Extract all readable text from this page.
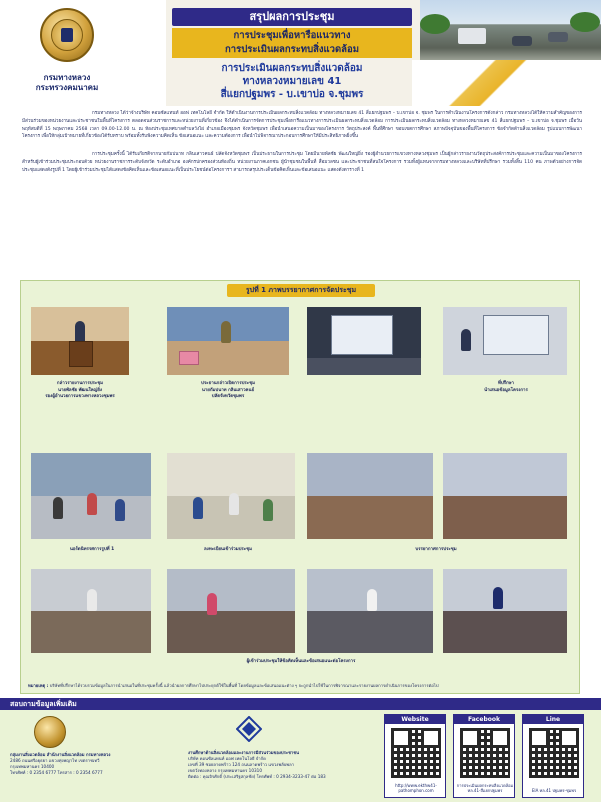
กรมทางหลวง
กระทรวงคมนาคม
สรุปผลการประชุม
การประชุมเพื่อหารือแนวทาง
การประเมินผลกระทบสิ่งแวดล้อม
การประเมินผลกระทบสิ่งแวดล้อม
ทางหลวงหมายเลข 41
สี่แยกปฐมพร - บ.เขาบ่อ จ.ชุมพร

กรมทางหลวง ได้ว่าจ้างบริษัท คอนซัลแทนท์ ออฟ เทคโนโลยี จำกัด ให้ดำเนินงานการประเมินผลกระทบสิ่งแวดล้อม ทางหลวงหมายเลข 41 สี่แยกปฐมพร – บ.เขาบ่อ จ. ชุมพร ในการดำเนินงานโครงการดังกล่าว กรมทางหลวงได้ให้ความสำคัญของการมีส่วนร่วมของหน่วยงานและประชาชนในพื้นที่โครงการ ตลอดจนส่วนราชการและหน่วยงานที่เกี่ยวข้อง จึงได้ดำเนินการจัดการประชุมเพื่อหารือแนวทางการประเมินผลกระทบสิ่งแวดล้อม การประเมินผลกระทบสิ่งแวดล้อม ทางหลวงหมายเลข 41 สี่แยกปฐมพร – บ.เขาบ่อ จ.ชุมพร เมื่อวันพฤหัสบดีที่ 15 พฤษภาคม 2568 เวลา 09.00-12.00 น. ณ ห้องประชุมเทศบาลตำบลวังไผ่ อำเภอเมืองชุมพร จังหวัดชุมพร เพื่อนำเสนอความเป็นมาของโครงการ วัตถุประสงค์ พื้นที่ศึกษา ขอบเขตการศึกษา สภาพปัจจุบันของพื้นที่โครงการ ข้อจำกัดด้านสิ่งแวดล้อม รูปแบบการพัฒนาโครงการ เพื่อให้กลุ่มเป้าหมายที่เกี่ยวข้องได้รับทราบ พร้อมทั้งรับฟังความคิดเห็น ข้อเสนอแนะ และความต้องการ เพื่อนำไปพิจารณาประกอบการศึกษาให้มีประสิทธิภาพยิ่งขึ้น

การประชุมครั้งนี้ ได้รับเกียรติจากนายกัมปนาท กลินเสาวคนธ์ ปลัดจังหวัดชุมพร เป็นประธานในการประชุม โดยมีนายพัลชัย พัฒนใหญ่ยิ่ง รองผู้อำนวยการแขวงทางหลวงชุมพร เป็นผู้กล่าวรายงานวัตถุประสงค์การประชุมและความเป็นมาของโครงการ สำหรับผู้เข้าร่วมประชุมประกอบด้วย หน่วยงานราชการระดับจังหวัด ระดับอำเภอ องค์กรปกครองส่วนท้องถิ่น หน่วยงานภาคเอกชน ผู้นำชุมชนในพื้นที่ สื่อมวลชน และประชาชนที่สนใจโครงการ รวมทั้งผู้แทนจากกรมทางหลวงและบริษัทที่ปรึกษา รวมทั้งสิ้น 110 คน ภาพตัวอย่างการจัดประชุมแสดงดังรูปที่ 1 โดยผู้เข้าร่วมประชุมได้แสดงข้อคิดเห็นและข้อเสนอแนะที่เป็นประโยชน์ต่อโครงการฯ สามารถสรุปประเด็นข้อคิดเห็นและข้อเสนอแนะ แสดงดังตารางที่ 1

รูปที่ 1 ภาพบรรยากาศการจัดประชุม
กล่าวรายงานการประชุม
นายพัลชัย พัฒนใหญ่ยิ่ง
รองผู้อำนวยการแขวงทางหลวงชุมพร
ประธานกล่าวเปิดการประชุม
นายกัมปนาท กลินเสาวคนธ์
ปลัดจังหวัดชุมพร
ที่ปรึกษา
นำเสนอข้อมูลโครงการ
นอร์ดนิทรรศการรูปที่ 1	ลงทะเบียนเข้าร่วมประชุม	บรรยากาศการประชุม
ผู้เข้าร่วมประชุมให้ข้อคิดเห็นและข้อเสนอแนะต่อโครงการ
หมายเหตุ : บริษัทที่ปรึกษาได้รวบรวมข้อมูลในการนำเสนอในที่ประชุมครั้งนี้ แล้วนำผลการศึกษาไปประยุกต์ใช้ในพื้นที่ โดยข้อมูลและข้อเสนอแนะต่าง ๆ จะถูกนำไปใช้ในการพิจารณาและรายงานผลการดำเนินการของโครงการต่อไป
สอบถามข้อมูลเพิ่มเติม
กลุ่มงานสิ่งแวดล้อม สำนักงานสิ่งแวดล้อม กรมทางหลวง
2486 ถนนศรีอยุธยา แขวงทุ่งพญาไท เขตราชเทวี
กรุงเทพมหานคร 10400
โทรศัพท์ : 0 2354 6777 โทรสาร : 0 2354 6777
งานศึกษาด้านสิ่งแวดล้อมและงานการมีส่วนร่วมของประชาชน
บริษัท คอนซัลแทนท์ ออฟ เทคโนโลยี จำกัด
เลขที่ 39 ซอยลาดพร้าว 124 ถนนลาดพร้าว แขวงพลับพลา
เขตวังทองหลาง กรุงเทพมหานคร 10310
ติดต่อ : คุณจิรศักดิ์ (ประเสริฐสกุลชัย) โทรศัพท์ : 0 2934-3233-47 ต่อ 183
Website
http://www.ekthw41-pathomphon.com
Facebook
การประเมินผลกระทบสิ่งแวดล้อม ทล.41-สี่แยกปฐมพร
Line
EIA ทล.41 ปฐมพร-ชุมพร
